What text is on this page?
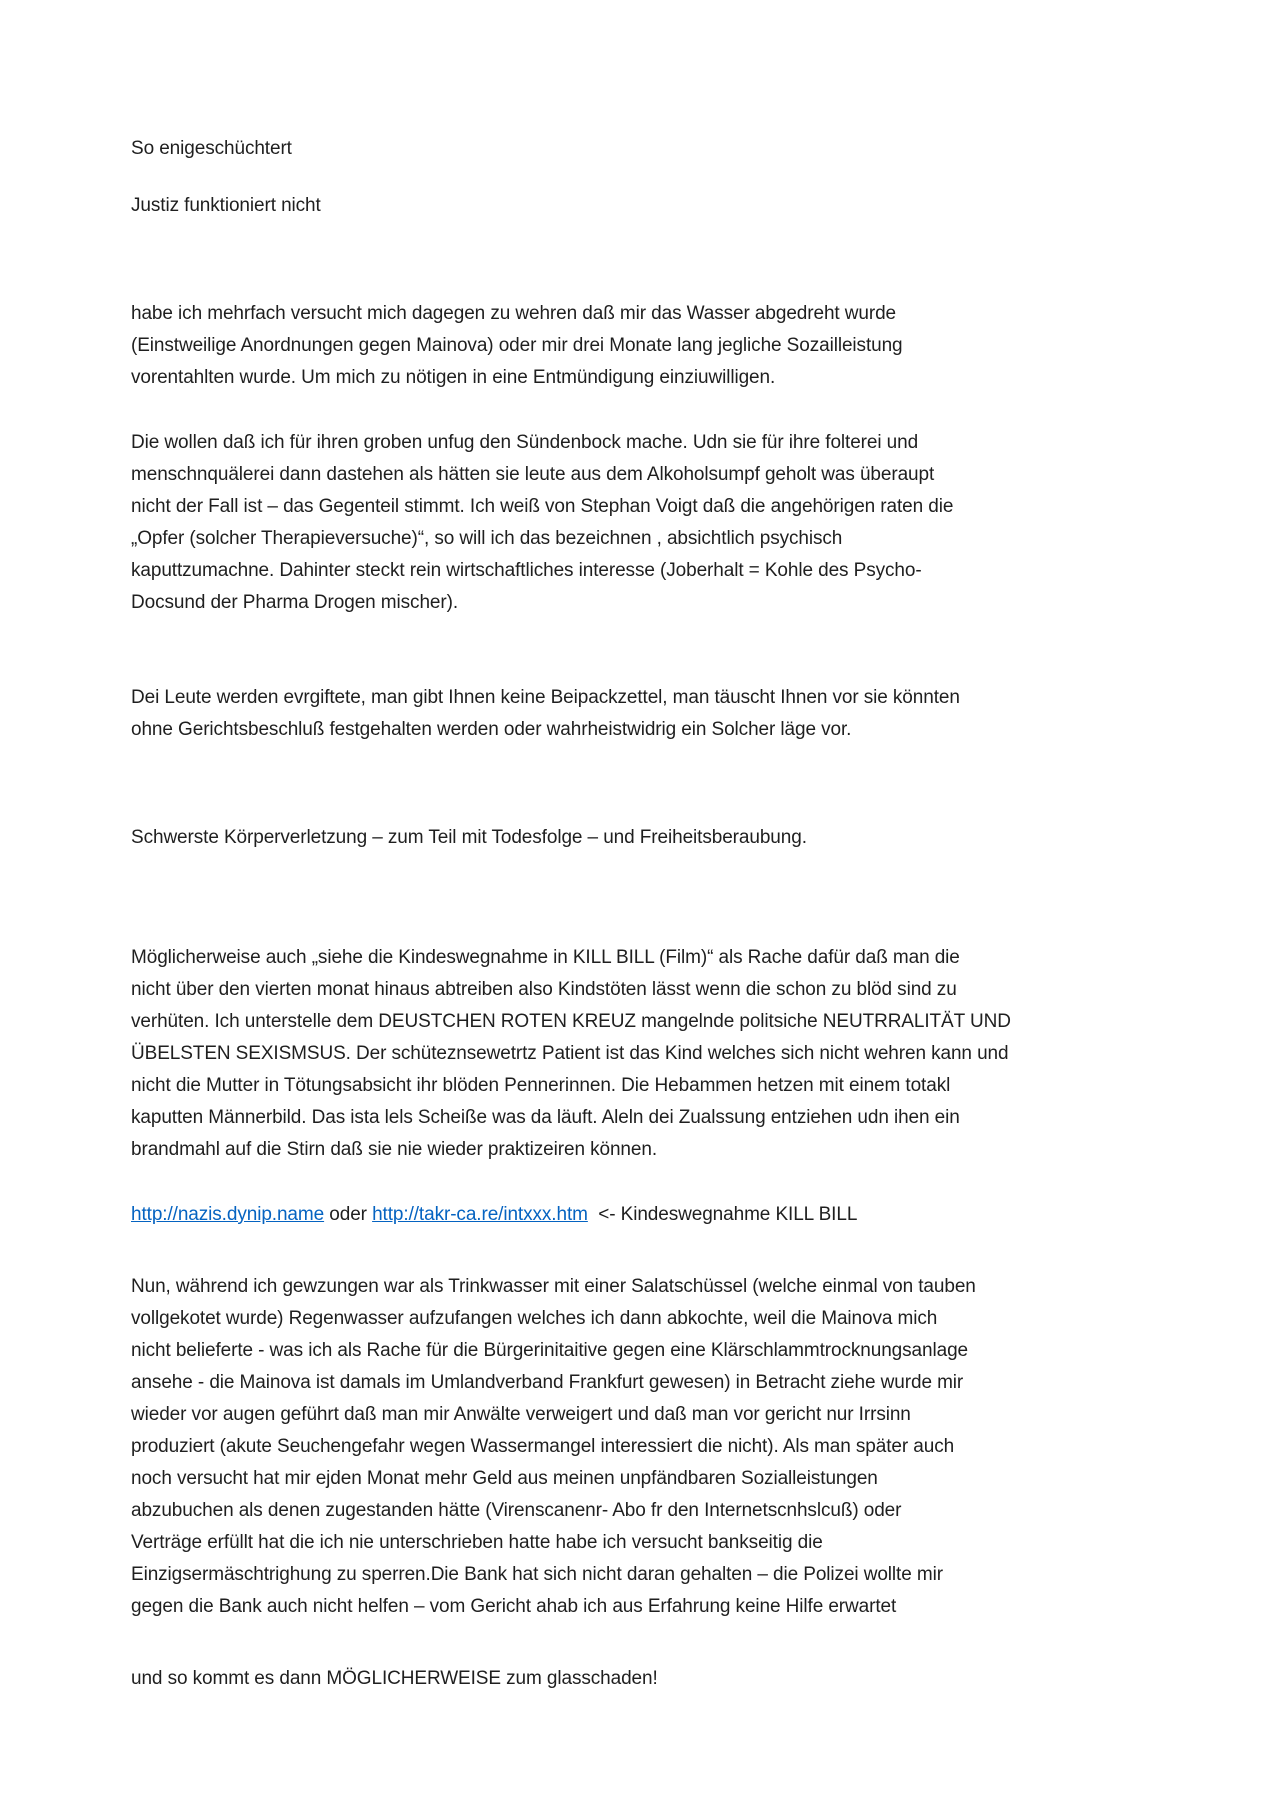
So enigeschüchtert
Justiz funktioniert nicht
habe ich mehrfach versucht mich dagegen zu wehren daß mir das Wasser abgedreht wurde
(Einstweilige Anordnungen gegen Mainova) oder mir drei Monate lang jegliche Sozailleistung
vorentahlten wurde. Um mich zu nötigen in eine Entmündigung einziuwilligen.
Die wollen daß ich für ihren groben unfug den Sündenbock mache. Udn sie für ihre folterei und
menschnquälerei dann dastehen als hätten sie leute aus dem Alkoholsumpf geholt was überaupt
nicht der Fall ist – das Gegenteil stimmt. Ich weiß von Stephan Voigt daß die angehörigen raten die
„Opfer (solcher Therapieversuche)“, so will ich das bezeichnen , absichtlich psychisch
kaputtzumachne. Dahinter steckt rein wirtschaftliches interesse (Joberhalt = Kohle des Psycho-
Docsund der Pharma Drogen mischer).
Dei Leute werden evrgiftete, man gibt Ihnen keine Beipackzettel, man täuscht Ihnen vor sie könnten
ohne Gerichtsbeschluß festgehalten werden oder wahrheistwidrig ein Solcher läge vor.
Schwerste Körperverletzung – zum Teil mit Todesfolge – und Freiheitsberaubung.
Möglicherweise auch „siehe die Kindeswegnahme in KILL BILL (Film)“ als Rache dafür daß man die
nicht über den vierten monat hinaus abtreiben also Kindstöten lässt wenn die schon zu blöd sind zu
verhüten. Ich unterstelle dem DEUSTCHEN ROTEN KREUZ mangelnde politsiche NEUTRRALITÄT UND
ÜBELSTEN SEXISMSUS. Der schüteznsewetrtz Patient ist das Kind welches sich nicht wehren kann und
nicht die Mutter in Tötungsabsicht ihr blöden Pennerinnen. Die Hebammen hetzen mit einem totakl
kaputten Männerbild. Das ista lels Scheiße was da läuft. Aleln dei Zualssung entziehen udn ihen ein
brandmahl auf die Stirn daß sie nie wieder praktizeiren können.
http://nazis.dynip.name oder http://takr-ca.re/intxxx.htm  <- Kindeswegnahme KILL BILL
Nun, während ich gewzungen war als Trinkwasser mit einer Salatschüssel (welche einmal von tauben
vollgekotet wurde) Regenwasser aufzufangen welches ich dann abkochte, weil die Mainova mich
nicht belieferte - was ich als Rache für die Bürgerinitaitive gegen eine Klärschlammtrocknungsanlage
ansehe - die Mainova ist damals im Umlandverband Frankfurt gewesen) in Betracht ziehe wurde mir
wieder vor augen geführt daß man mir Anwälte verweigert und daß man vor gericht nur Irrsinn
produziert (akute Seuchengefahr wegen Wassermangel interessiert die nicht). Als man später auch
noch versucht hat mir ejden Monat mehr Geld aus meinen unpfändbaren Sozialleistungen
abzubuchen als denen zugestanden hätte (Virenscanenr- Abo fr den Internetscnhslcuß) oder
Verträge erfüllt hat die ich nie unterschrieben hatte habe ich versucht bankseitig die
Einzigsermäschtrighung zu sperren.Die Bank hat sich nicht daran gehalten – die Polizei wollte mir
gegen die Bank auch nicht helfen – vom Gericht ahab ich aus Erfahrung keine Hilfe erwartet
und so kommt es dann MÖGLICHERWEISE zum glasschaden!
